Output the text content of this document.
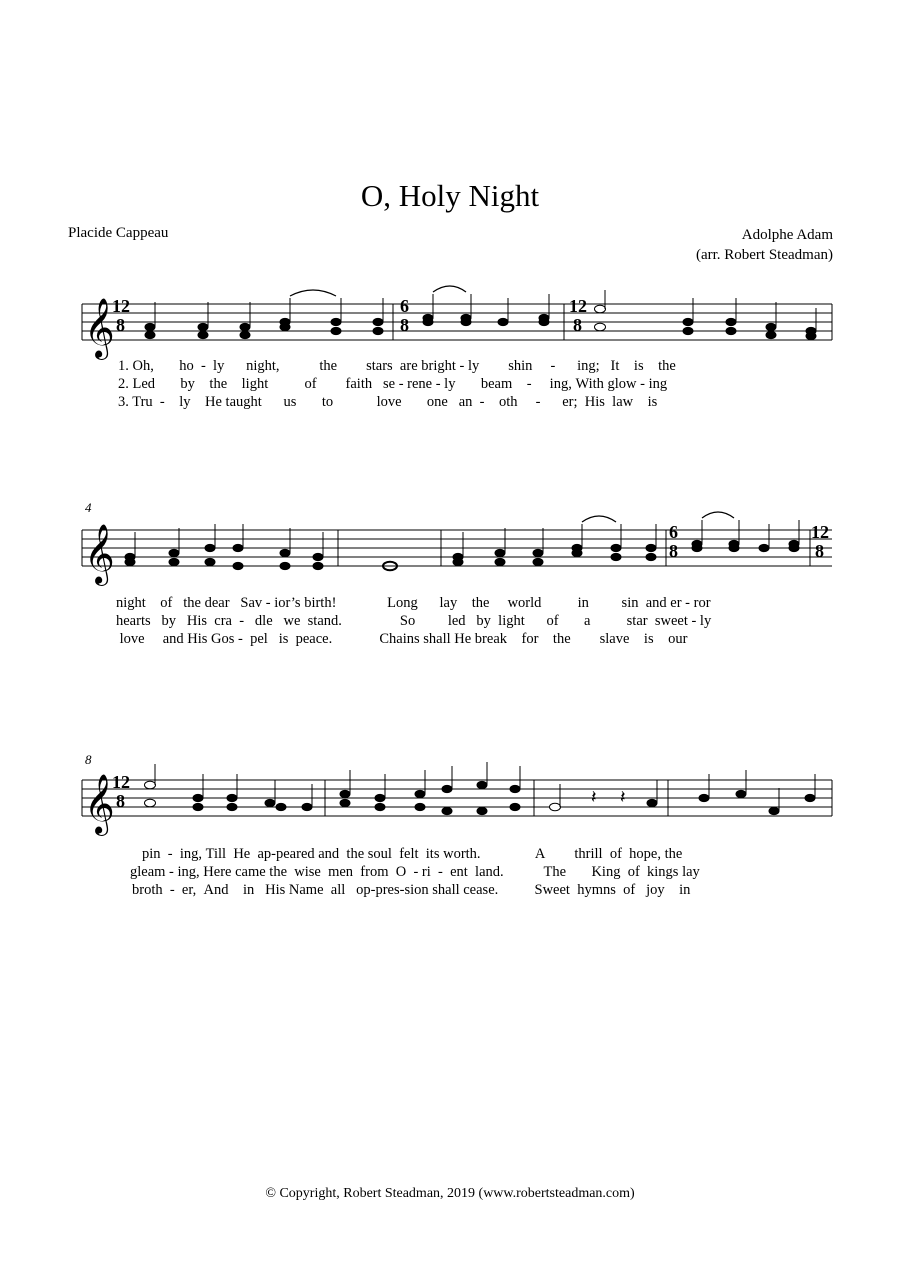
O, Holy Night
Placide Cappeau	Adolphe Adam
(arr. Robert Steadman)
𝄞
12
8
6
8
12
8
1. Oh,       ho  -  ly      night,           the        stars  are bright - ly        shin     -      ing;   It    is    the
2. Led       by    the    light          of        faith   se - rene - ly       beam    -     ing, With glow - ing
3. Tru  -    ly    He taught      us       to            love       one   an  -    oth     -      er;  His  law    is
4
𝄞	6
8
12
8
night    of   the dear   Sav - ior’s birth!              Long      lay    the     world          in         sin  and er - ror
hearts   by   His  cra  -   dle   we  stand.                So         led   by  light      of       a          star  sweet - ly
love     and His Gos -  pel   is  peace.             Chains shall He break    for    the        slave    is    our
8
𝄞
12
8	𝄽 𝄽
pin  -  ing, Till  He  ap-peared and  the soul  felt  its worth.               A        thrill  of  hope, the
gleam - ing, Here came the  wise  men  from  O  - ri  -  ent  land.           The       King  of  kings lay
broth  -  er,  And    in   His Name  all   op-pres-sion shall cease.          Sweet  hymns  of   joy    in
© Copyright, Robert Steadman, 2019 (www.robertsteadman.com)
